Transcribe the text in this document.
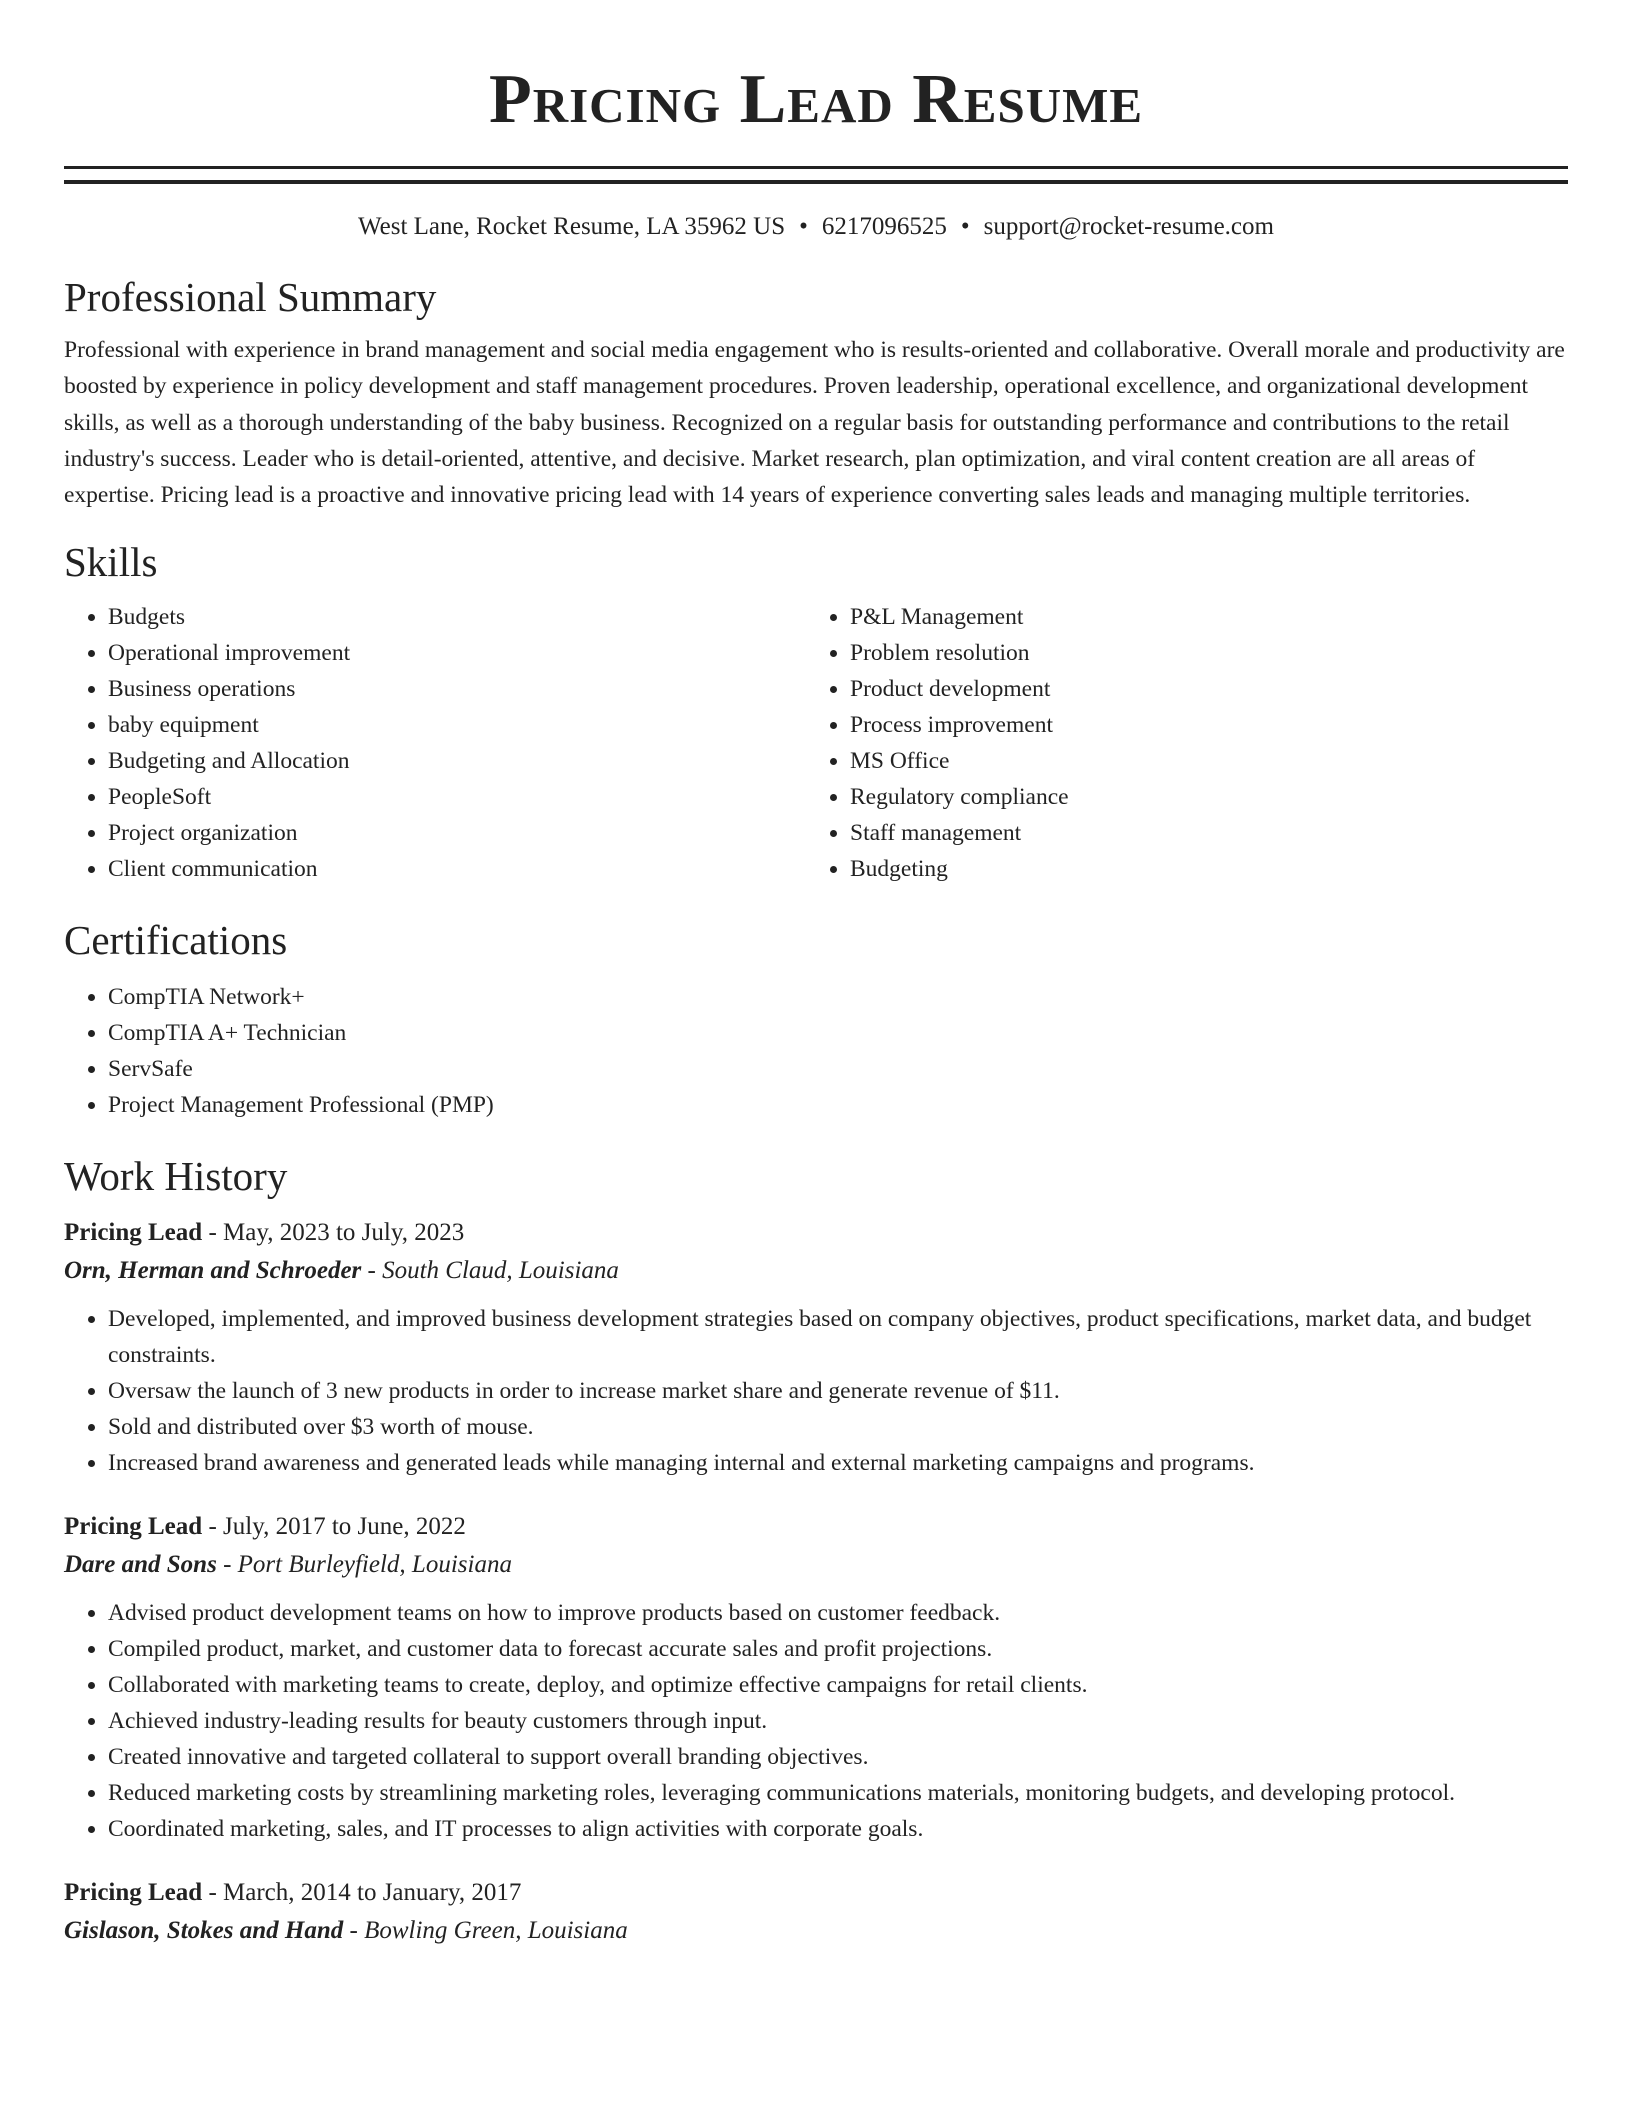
Pricing Lead Resume
West Lane, Rocket Resume, LA 35962 US • 6217096525 • support@rocket-resume.com
Professional Summary

Professional with experience in brand management and social media engagement who is results-oriented and collaborative. Overall morale and productivity are boosted by experience in policy development and staff management procedures. Proven leadership, operational excellence, and organizational development skills, as well as a thorough understanding of the baby business. Recognized on a regular basis for outstanding performance and contributions to the retail industry's success. Leader who is detail-oriented, attentive, and decisive. Market research, plan optimization, and viral content creation are all areas of expertise. Pricing lead is a proactive and innovative pricing lead with 14 years of experience converting sales leads and managing multiple territories.

Skills
• Budgets
• Operational improvement
• Business operations
• baby equipment
• Budgeting and Allocation
• PeopleSoft
• Project organization
• Client communication
• P&L Management
• Problem resolution
• Product development
• Process improvement
• MS Office
• Regulatory compliance
• Staff management
• Budgeting
Certifications
• CompTIA Network+
• CompTIA A+ Technician
• ServSafe
• Project Management Professional (PMP)
Work History
Pricing Lead - May, 2023 to July, 2023
Orn, Herman and Schroeder - South Claud, Louisiana
• Developed, implemented, and improved business development strategies based on company objectives, product specifications, market data, and budget constraints.
• Oversaw the launch of 3 new products in order to increase market share and generate revenue of $11.
• Sold and distributed over $3 worth of mouse.
• Increased brand awareness and generated leads while managing internal and external marketing campaigns and programs.
Pricing Lead - July, 2017 to June, 2022
Dare and Sons - Port Burleyfield, Louisiana
• Advised product development teams on how to improve products based on customer feedback.
• Compiled product, market, and customer data to forecast accurate sales and profit projections.
• Collaborated with marketing teams to create, deploy, and optimize effective campaigns for retail clients.
• Achieved industry-leading results for beauty customers through input.
• Created innovative and targeted collateral to support overall branding objectives.
• Reduced marketing costs by streamlining marketing roles, leveraging communications materials, monitoring budgets, and developing protocol.
• Coordinated marketing, sales, and IT processes to align activities with corporate goals.
Pricing Lead - March, 2014 to January, 2017
Gislason, Stokes and Hand - Bowling Green, Louisiana
